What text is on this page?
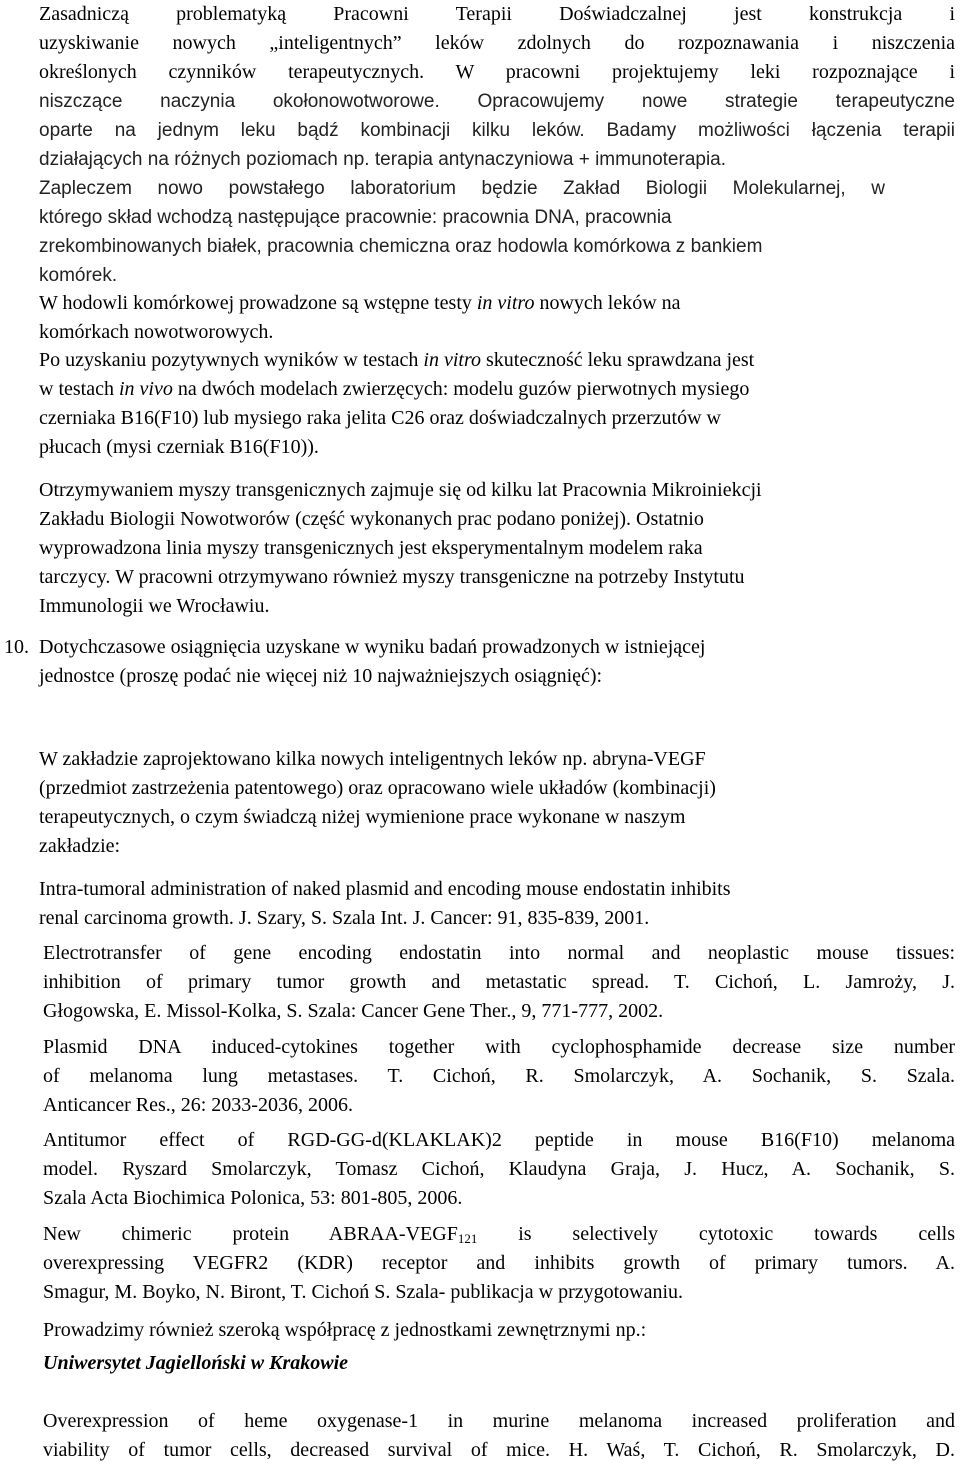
Zasadniczą problematyką Pracowni Terapii Doświadczalnej jest konstrukcja i
uzyskiwanie nowych „inteligentnych” leków zdolnych do rozpoznawania i niszczenia
określonych czynników terapeutycznych. W pracowni projektujemy leki rozpoznające i
niszczące naczynia okołonowotworowe. Opracowujemy nowe strategie terapeutyczne
oparte na jednym leku bądź kombinacji kilku leków. Badamy możliwości łączenia terapii
działających na różnych poziomach np. terapia antynaczyniowa + immunoterapia.
Zapleczem nowo powstałego laboratorium będzie Zakład Biologii Molekularnej, w
którego skład wchodzą następujące pracownie: pracownia DNA, pracownia
zrekombinowanych białek, pracownia chemiczna oraz hodowla komórkowa z bankiem
komórek.
W hodowli komórkowej prowadzone są wstępne testy in vitro nowych leków na
komórkach nowotworowych.
Po uzyskaniu pozytywnych wyników w testach in vitro skuteczność leku sprawdzana jest
w testach in vivo na dwóch modelach zwierzęcych: modelu guzów pierwotnych mysiego
czerniaka B16(F10) lub mysiego raka jelita C26 oraz doświadczalnych przerzutów w
płucach (mysi czerniak B16(F10)).
Otrzymywaniem myszy transgenicznych zajmuje się od kilku lat Pracownia Mikroiniekcji
Zakładu Biologii Nowotworów (część wykonanych prac podano poniżej). Ostatnio
wyprowadzona linia myszy transgenicznych jest eksperymentalnym modelem raka
tarczycy. W pracowni otrzymywano również myszy transgeniczne na potrzeby Instytutu
Immunologii we Wrocławiu.
10. Dotychczasowe osiągnięcia uzyskane w wyniku badań prowadzonych w istniejącej
jednostce (proszę podać nie więcej niż 10 najważniejszych osiągnięć):
W zakładzie zaprojektowano kilka nowych inteligentnych leków np. abryna-VEGF
(przedmiot zastrzeżenia patentowego) oraz opracowano wiele układów (kombinacji)
terapeutycznych, o czym świadczą niżej wymienione prace wykonane w naszym
zakładzie:
Intra-tumoral administration of naked plasmid and encoding mouse endostatin inhibits
renal carcinoma growth. J. Szary, S. Szala Int. J. Cancer: 91, 835-839, 2001.
Electrotransfer of gene encoding endostatin into normal and neoplastic mouse tissues:
inhibition of primary tumor growth and metastatic spread. T. Cichoń, L. Jamroży, J.
Głogowska, E. Missol-Kolka, S. Szala: Cancer Gene Ther., 9, 771-777, 2002.
Plasmid DNA induced-cytokines together with cyclophosphamide decrease size number
of melanoma lung metastases. T. Cichoń, R. Smolarczyk, A. Sochanik, S. Szala.
Anticancer Res., 26: 2033-2036, 2006.
Antitumor effect of RGD-GG-d(KLAKLAK)2 peptide in mouse B16(F10) melanoma
model. Ryszard Smolarczyk, Tomasz Cichoń, Klaudyna Graja, J. Hucz, A. Sochanik, S.
Szala Acta Biochimica Polonica, 53: 801-805, 2006.
New chimeric protein ABRAA-$VEGF_{121}$ is selectively cytotoxic towards cells
overexpressing VEGFR2 (KDR) receptor and inhibits growth of primary tumors. A.
Smagur, M. Boyko, N. Biront, T. Cichoń S. Szala- publikacja w przygotowaniu.
Prowadzimy również szeroką współpracę z jednostkami zewnętrznymi np.:
Uniwersytet Jagielloński w Krakowie
Overexpression of heme oxygenase-1 in murine melanoma increased proliferation and
viability of tumor cells, decreased survival of mice. H. Waś, T. Cichoń, R. Smolarczyk, D.
